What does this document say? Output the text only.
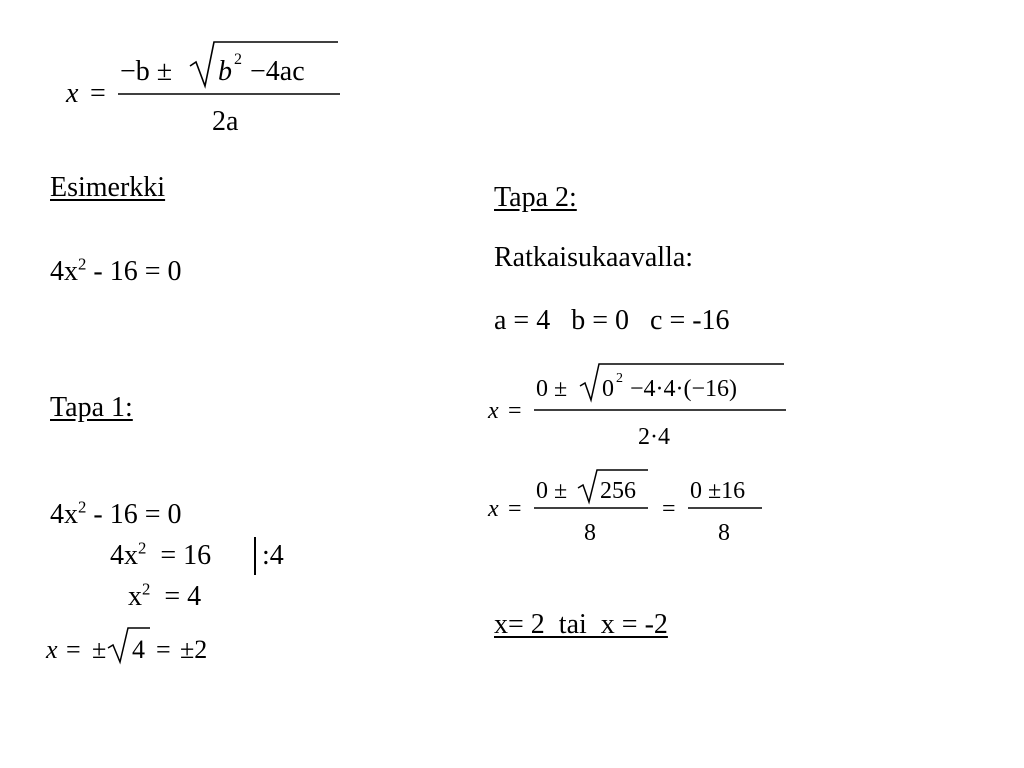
x =
−b ± b 2 −4ac
2a
Esimerkki
$4x^2 - 16 = 0$
Tapa 1:
$4x^2 - 16 = 0$
$4x^2 = 16$ :4
$x^2 = 4$
x = ± 4 = ±2
Tapa 2:
Ratkaisukaavalla:
a = 4   b = 0   c = -16
x =
0 ± 0 2 −4·4·(−16)
2·4
x =
0 ± 256
8
=
0 ±16
8
x= 2  tai  x = -2
